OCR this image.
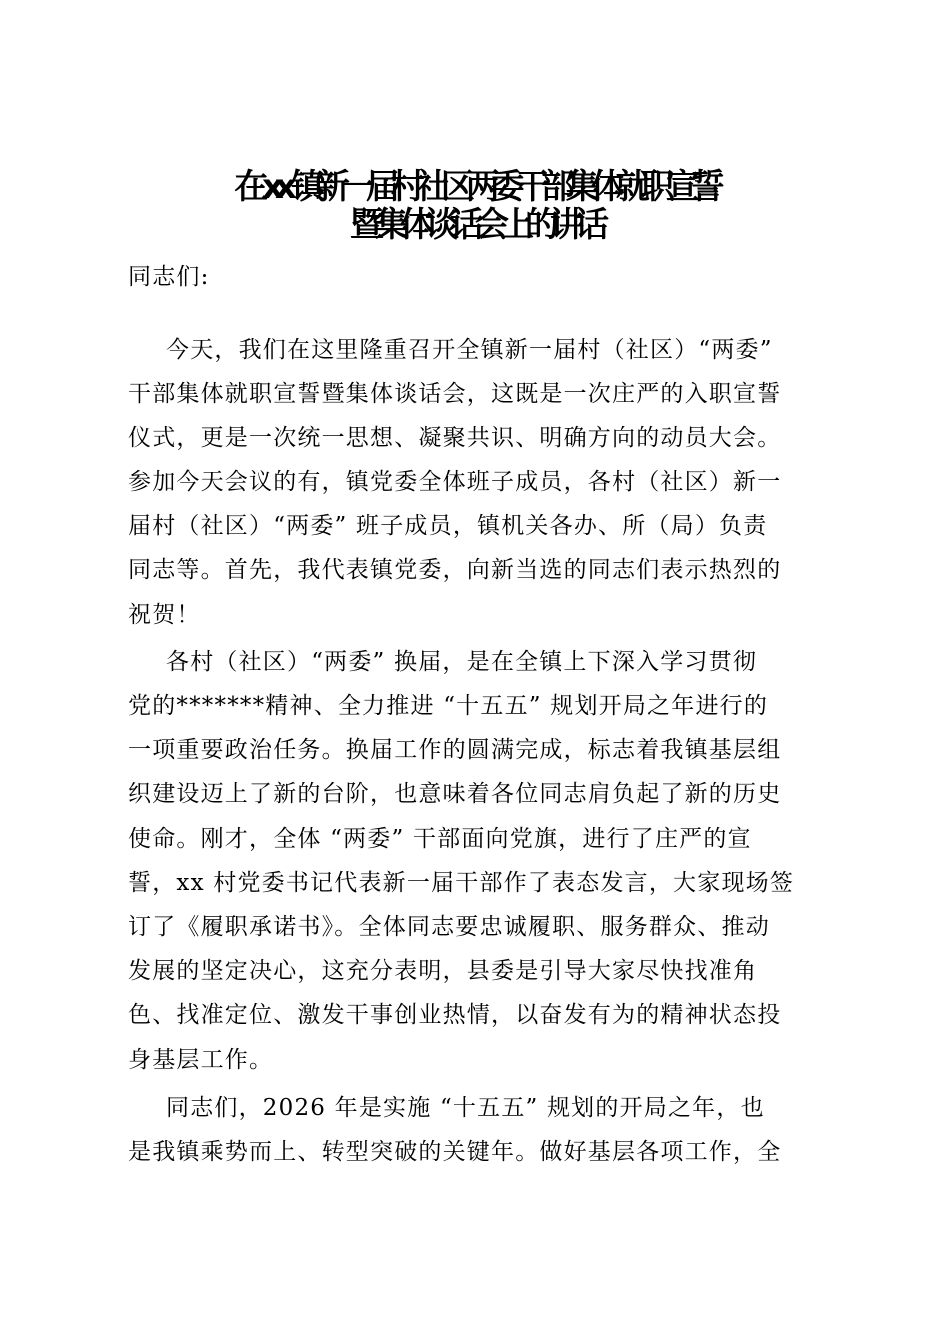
在 xx 镇新一届村社区两委干部集体就职宣誓
暨集体谈话会上的讲话
同志们:
今天，我们在这里隆重召开全镇新一届村（社区）“两委”
干部集体就职宣誓暨集体谈话会，这既是一次庄严的入职宣誓
仪式，更是一次统一思想、凝聚共识、明确方向的动员大会。
参加今天会议的有，镇党委全体班子成员，各村（社区）新一
届村（社区）“两委” 班子成员，镇机关各办、所（局）负责
同志等。首先，我代表镇党委，向新当选的同志们表示热烈的
祝贺！
各村（社区）“两委” 换届，是在全镇上下深入学习贯彻
党的*******精神、全力推进 “十五五” 规划开局之年进行的
一项重要政治任务。换届工作的圆满完成，标志着我镇基层组
织建设迈上了新的台阶，也意味着各位同志肩负起了新的历史
使命。刚才，全体 “两委” 干部面向党旗，进行了庄严的宣
誓，xx 村党委书记代表新一届干部作了表态发言，大家现场签
订了《履职承诺书》。全体同志要忠诚履职、服务群众、推动
发展的坚定决心，这充分表明，县委是引导大家尽快找准角
色、找准定位、激发干事创业热情，以奋发有为的精神状态投
身基层工作。
同志们，2026 年是实施 “十五五” 规划的开局之年，也
是我镇乘势而上、转型突破的关键年。做好基层各项工作，全
